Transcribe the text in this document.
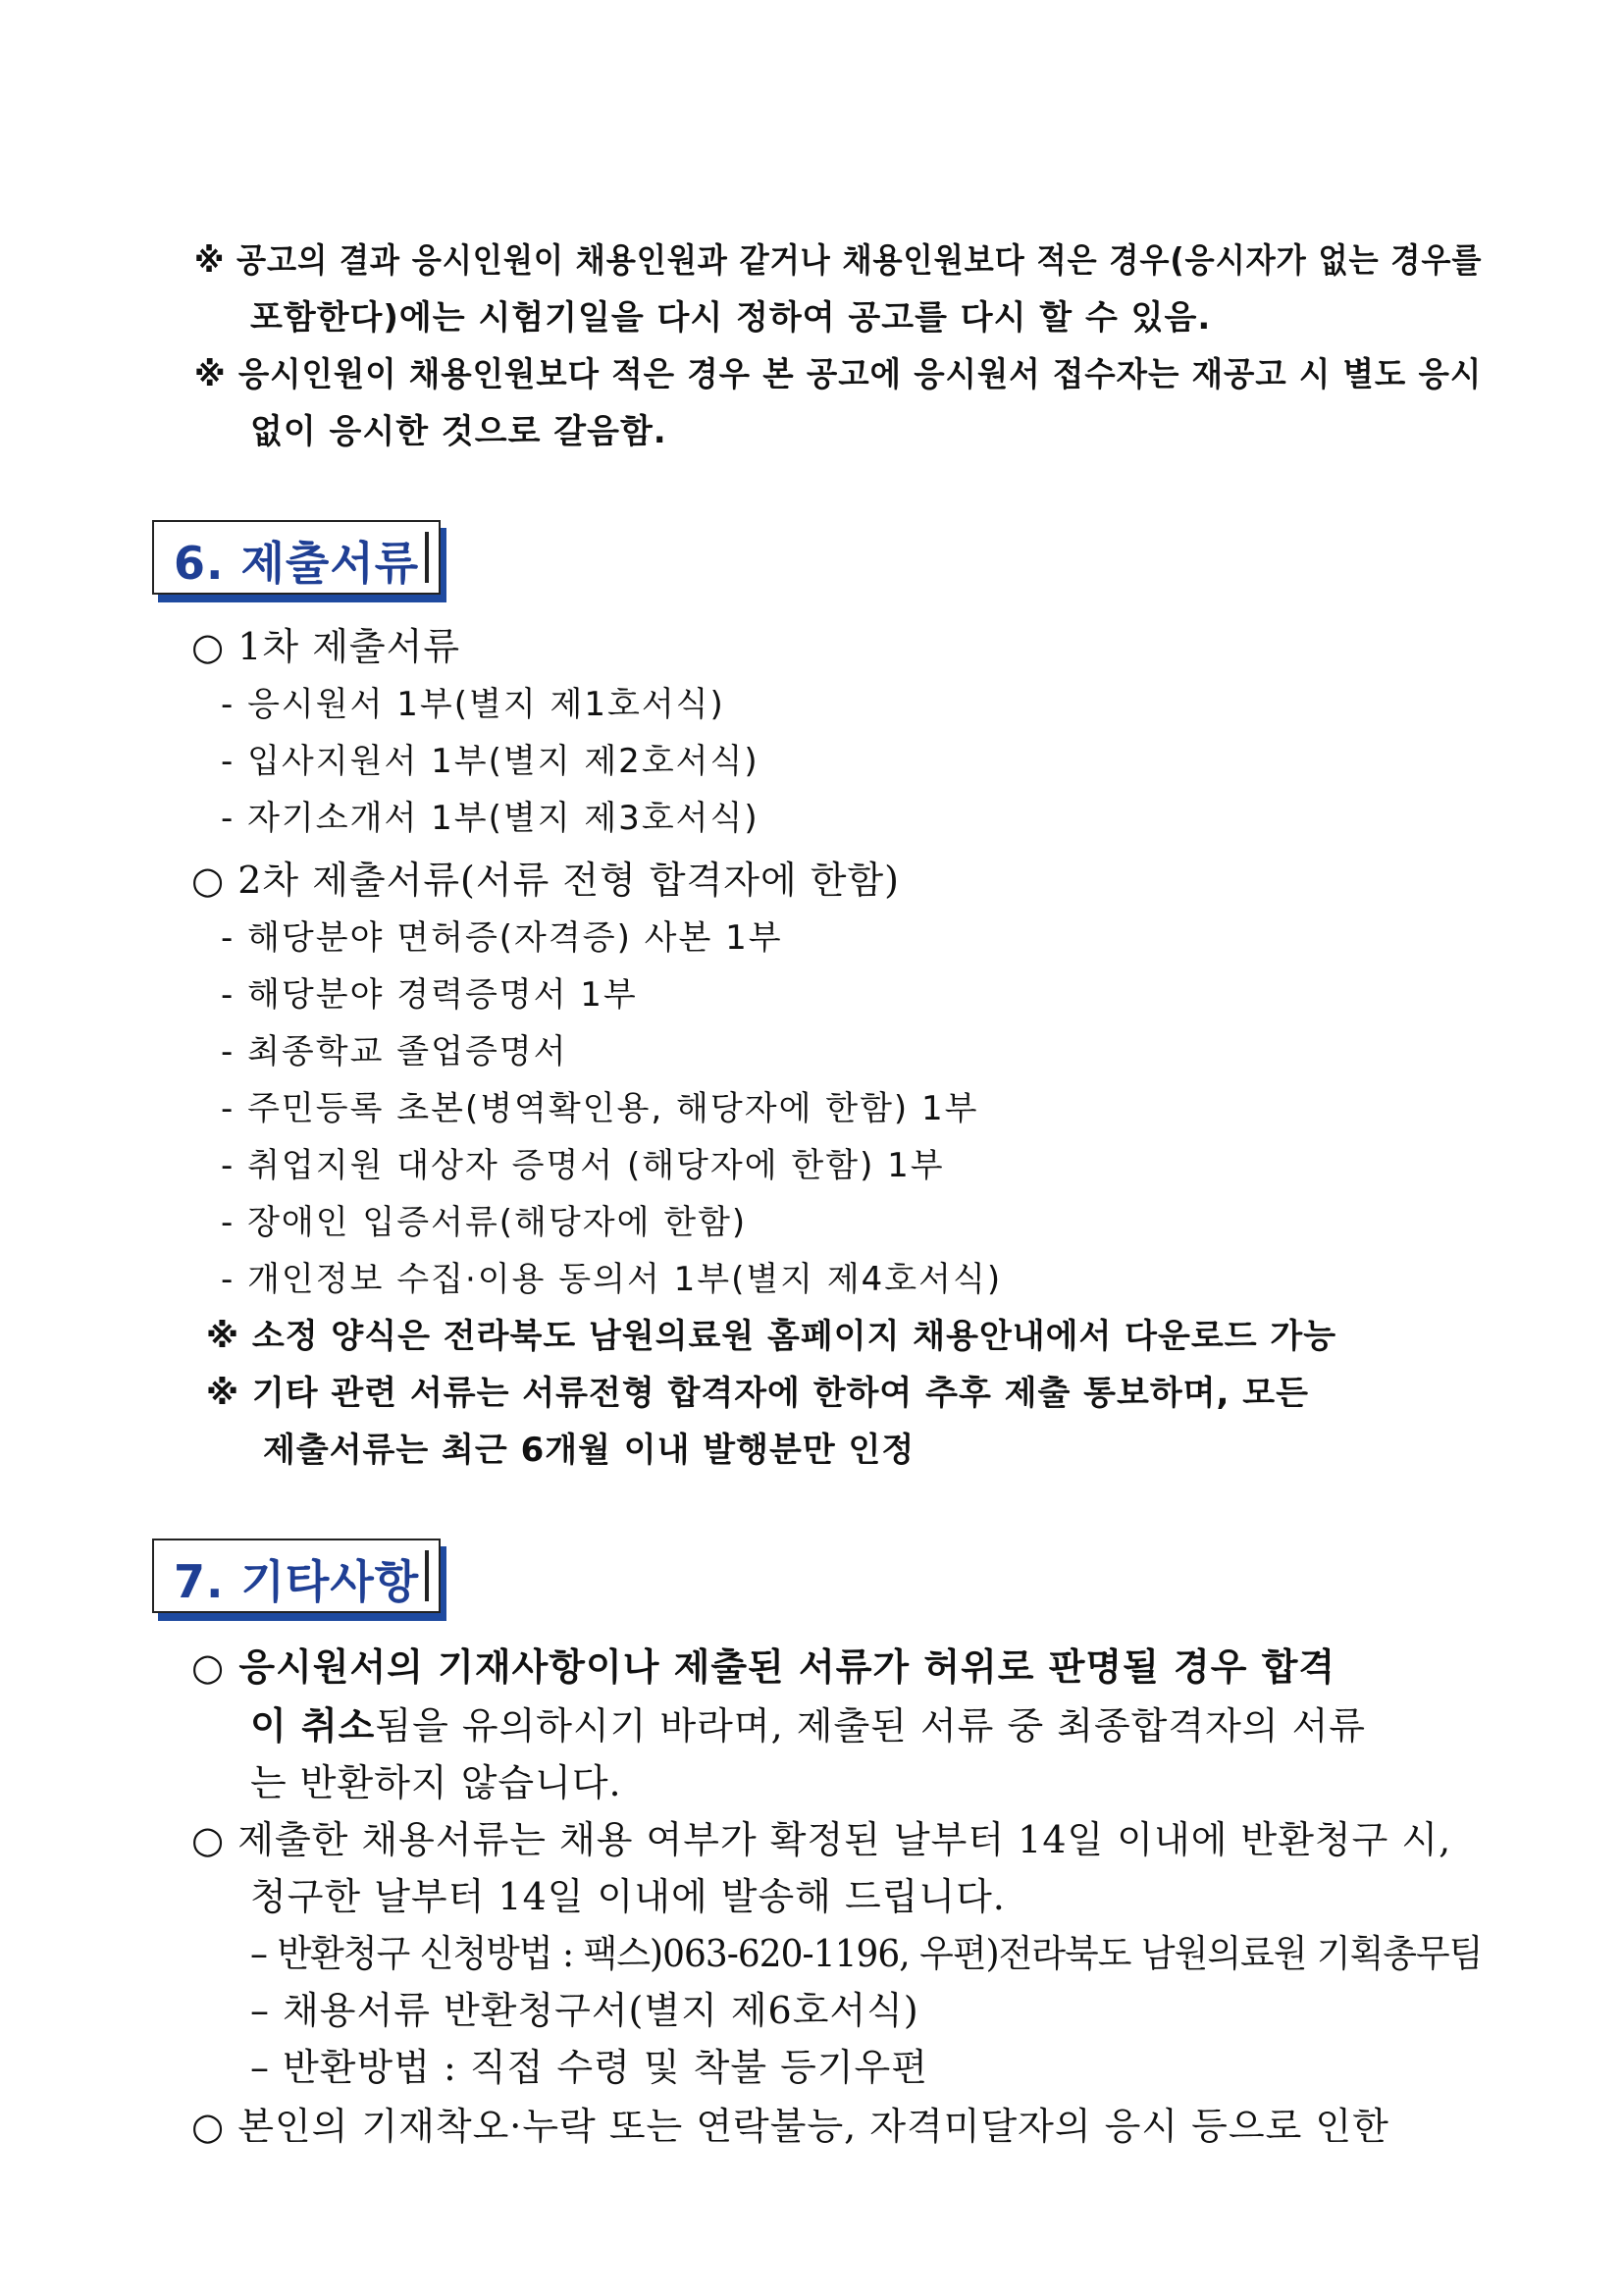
※ 공고의 결과 응시인원이 채용인원과 같거나 채용인원보다 적은 경우(응시자가 없는 경우를
포함한다)에는 시험기일을 다시 정하여 공고를 다시 할 수 있음.
※ 응시인원이 채용인원보다 적은 경우 본 공고에 응시원서 접수자는 재공고 시 별도 응시
없이 응시한 것으로 갈음함.
6. 제출서류
○ 1차 제출서류
- 응시원서 1부(별지 제1호서식)
- 입사지원서 1부(별지 제2호서식)
- 자기소개서 1부(별지 제3호서식)
○ 2차 제출서류(서류 전형 합격자에 한함)
- 해당분야 면허증(자격증) 사본 1부
- 해당분야 경력증명서 1부
- 최종학교 졸업증명서
- 주민등록 초본(병역확인용, 해당자에 한함) 1부
- 취업지원 대상자 증명서 (해당자에 한함) 1부
- 장애인 입증서류(해당자에 한함)
- 개인정보 수집·이용 동의서 1부(별지 제4호서식)
※ 소정 양식은 전라북도 남원의료원 홈페이지 채용안내에서 다운로드 가능
※ 기타 관련 서류는 서류전형 합격자에 한하여 추후 제출 통보하며, 모든
제출서류는 최근 6개월 이내 발행분만 인정
7. 기타사항
○ 응시원서의 기재사항이나 제출된 서류가 허위로 판명될 경우 합격
이 취소됨을 유의하시기 바라며, 제출된 서류 중 최종합격자의 서류
는 반환하지 않습니다.
○ 제출한 채용서류는 채용 여부가 확정된 날부터 14일 이내에 반환청구 시,
청구한 날부터 14일 이내에 발송해 드립니다.
– 반환청구 신청방법 : 팩스)063-620-1196, 우편)전라북도 남원의료원 기획총무팀
– 채용서류 반환청구서(별지 제6호서식)
– 반환방법 : 직접 수령 및 착불 등기우편
○ 본인의 기재착오·누락 또는 연락불능, 자격미달자의 응시 등으로 인한
